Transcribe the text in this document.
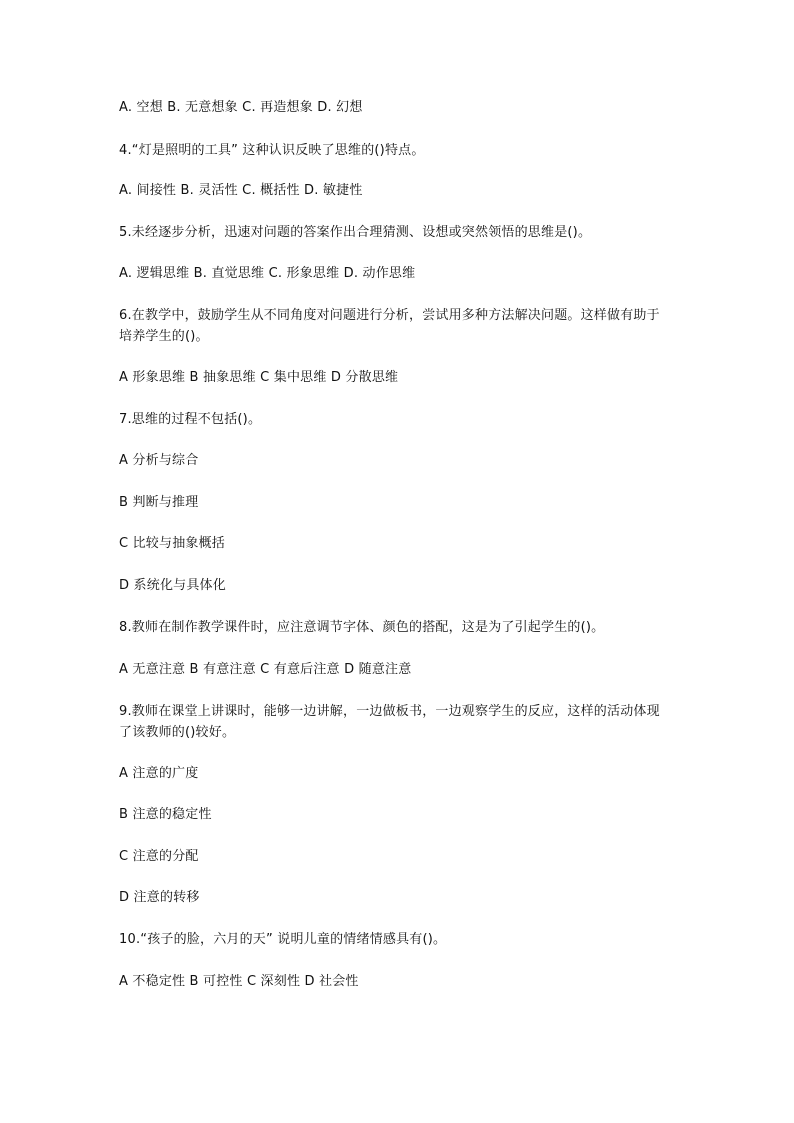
A. 空想 B. 无意想象 C. 再造想象 D. 幻想
4.“灯是照明的工具” 这种认识反映了思维的()特点。
A. 间接性 B. 灵活性 C. 概括性 D. 敏捷性
5.未经逐步分析，迅速对问题的答案作出合理猜测、设想或突然领悟的思维是()。
A. 逻辑思维 B. 直觉思维 C. 形象思维 D. 动作思维
6.在教学中，鼓励学生从不同角度对问题进行分析，尝试用多种方法解决问题。这样做有助于培养学生的()。
A 形象思维 B 抽象思维 C 集中思维 D 分散思维
7.思维的过程不包括()。
A 分析与综合
B 判断与推理
C 比较与抽象概括
D 系统化与具体化
8.教师在制作教学课件时，应注意调节字体、颜色的搭配，这是为了引起学生的()。
A 无意注意 B 有意注意 C 有意后注意 D 随意注意
9.教师在课堂上讲课时，能够一边讲解，一边做板书，一边观察学生的反应，这样的活动体现了该教师的()较好。
A 注意的广度
B 注意的稳定性
C 注意的分配
D 注意的转移
10.“孩子的脸，六月的天” 说明儿童的情绪情感具有()。
A 不稳定性 B 可控性 C 深刻性 D 社会性
